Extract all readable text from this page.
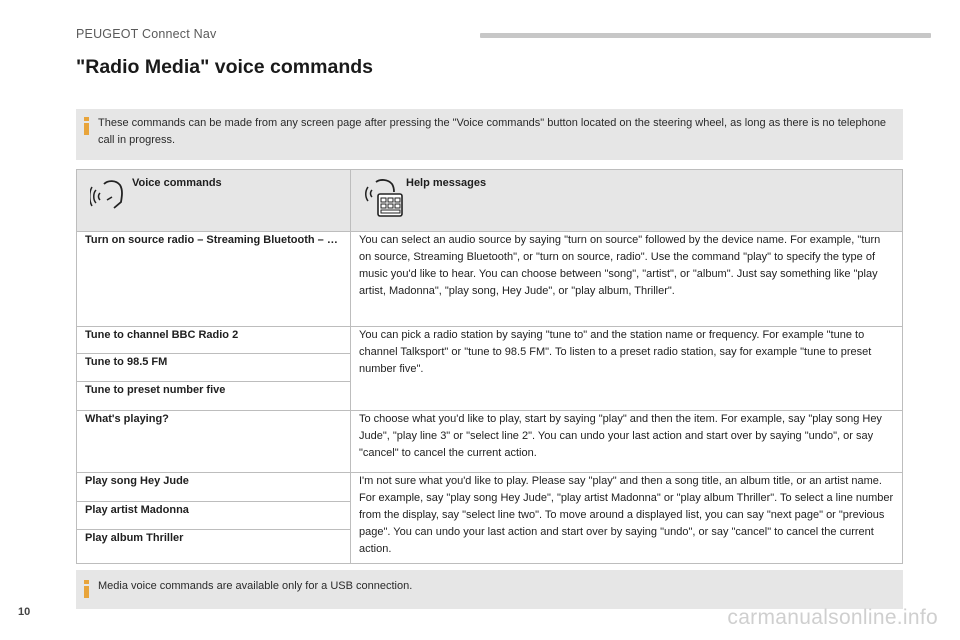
PEUGEOT Connect Nav
"Radio Media" voice commands
These commands can be made from any screen page after pressing the "Voice commands" button located on the steering wheel, as long as there is no telephone call in progress.
Voice commands	Help messages

Turn on source radio – Streaming Bluetooth – …	You can select an audio source by saying "turn on source" followed by the device name. For example, "turn on source, Streaming Bluetooth", or "turn on source, radio". Use the command "play" to specify the type of music you'd like to hear. You can choose between "song", "artist", or "album". Just say something like "play artist, Madonna", "play song, Hey Jude", or "play album, Thriller".
Tune to channel BBC Radio 2	You can pick a radio station by saying "tune to" and the station name or frequency. For example "tune to channel Talksport" or "tune to 98.5 FM". To listen to a preset radio station, say for example "tune to preset number five".
Tune to 98.5 FM	
Tune to preset number five	
What's playing?	To choose what you'd like to play, start by saying "play" and then the item. For example, say "play song Hey Jude", "play line 3" or "select line 2". You can undo your last action and start over by saying "undo", or say "cancel" to cancel the current action.
Play song Hey Jude	I'm not sure what you'd like to play. Please say "play" and then a song title, an album title, or an artist name. For example, say "play song Hey Jude", "play artist Madonna" or "play album Thriller". To select a line number from the display, say "select line two". To move around a displayed list, you can say "next page" or "previous page". You can undo your last action and start over by saying "undo", or say "cancel" to cancel the current action.
Play artist Madonna	
Play album Thriller	
Media voice commands are available only for a USB connection.
10	carmanualsonline.info
